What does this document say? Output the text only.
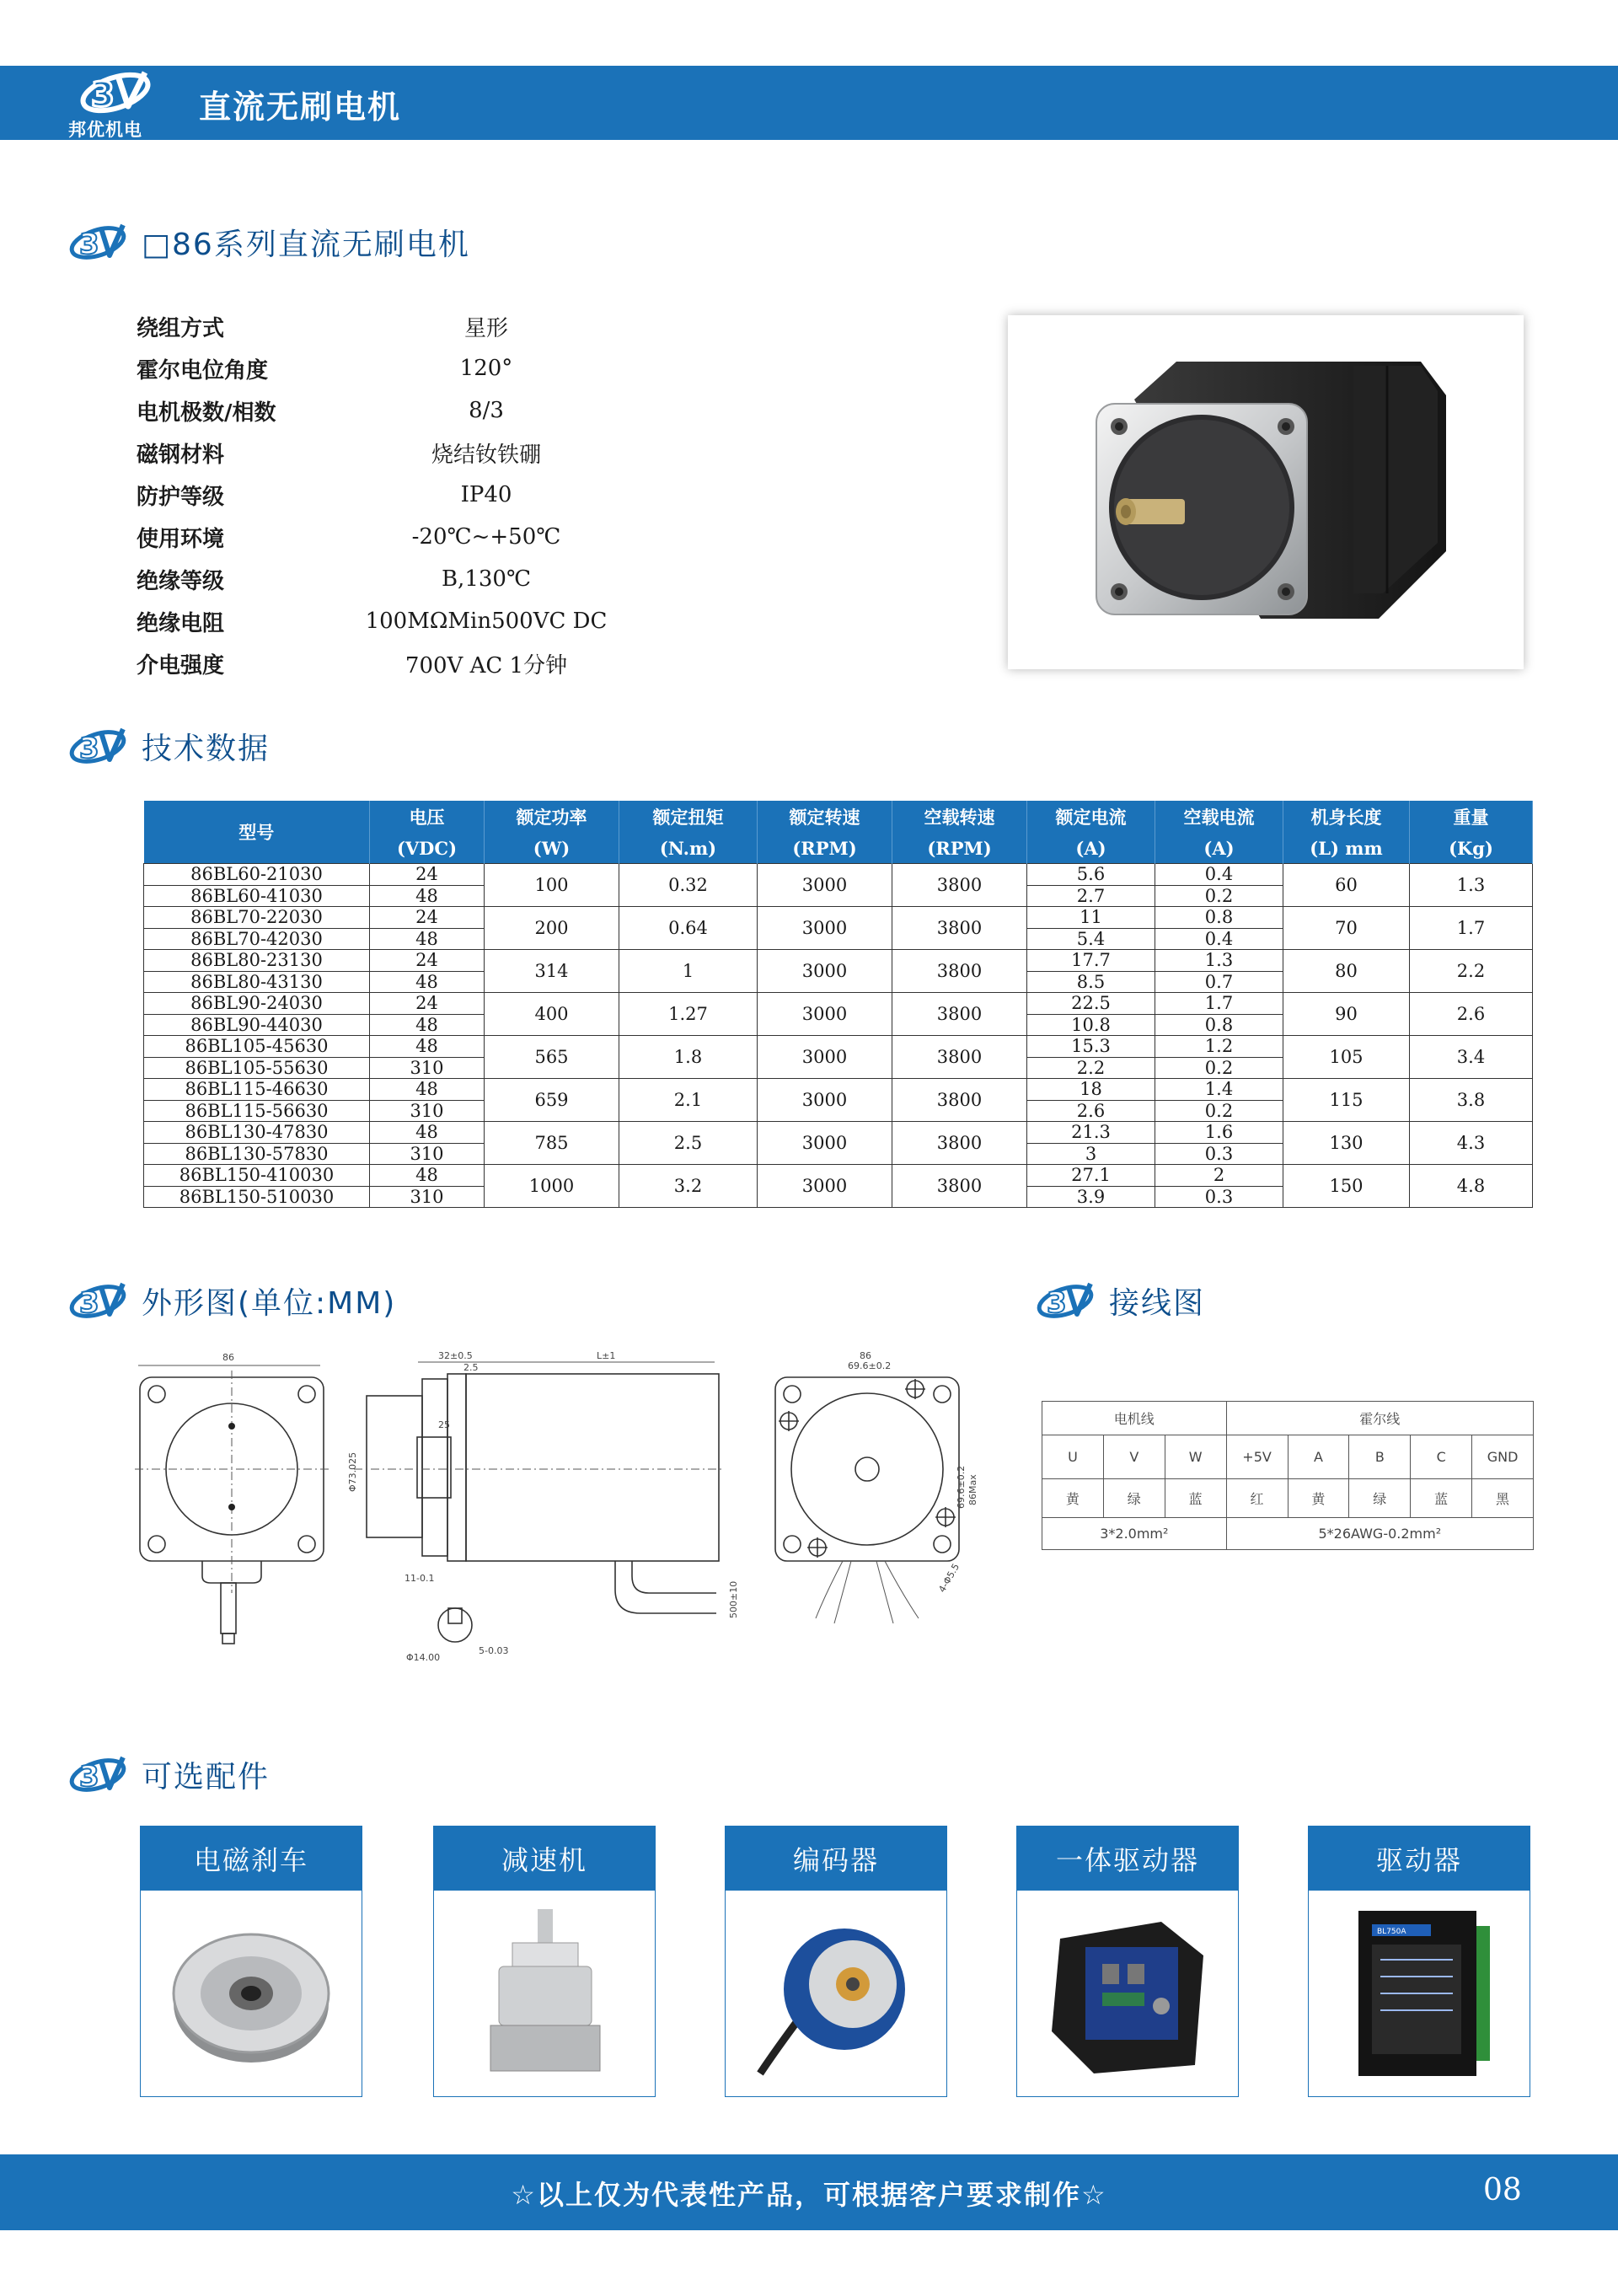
3
邦优机电
直流无刷电机
□86系列直流无刷电机
绕组方式	星形
霍尔电位角度	120°
电机极数/相数	8/3
磁钢材料	烧结钕铁硼
防护等级	IP40
使用环境	-20℃~+50℃
绝缘等级	B,130℃
绝缘电阻	100MΩMin500VC DC
介电强度	700V AC 1分钟
技术数据
型号	电压	额定功率	额定扭矩	额定转速	空载转速	额定电流	空载电流	机身长度	重量
	(VDC)	(W)	(N.m)	(RPM)	(RPM)	(A)	(A)	(L) mm	(Kg)
86BL60-21030	24	100	0.32	3000	3800	5.6	0.4	60	1.3
86BL60-41030	48					2.7	0.2		
86BL70-22030	24	200	0.64	3000	3800	11	0.8	70	1.7
86BL70-42030	48					5.4	0.4		
86BL80-23130	24	314	1	3000	3800	17.7	1.3	80	2.2
86BL80-43130	48					8.5	0.7		
86BL90-24030	24	400	1.27	3000	3800	22.5	1.7	90	2.6
86BL90-44030	48					10.8	0.8		
86BL105-45630	48	565	1.8	3000	3800	15.3	1.2	105	3.4
86BL105-55630	310					2.2	0.2		
86BL115-46630	48	659	2.1	3000	3800	18	1.4	115	3.8
86BL115-56630	310					2.6	0.2		
86BL130-47830	48	785	2.5	3000	3800	21.3	1.6	130	4.3
86BL130-57830	310					3	0.3		
86BL150-410030	48	1000	3.2	3000	3800	27.1	2	150	4.8
86BL150-510030	310					3.9	0.3		
外形图(单位:MM)	接线图
86	32±0.5
2.5
L±1
25
Φ73.025
500±10
11-0.1
Φ14.00
5-0.03
86
69.6±0.2
69.6±0.2 86Max
4-Φ5.5
电机线			霍尔线				
U	V	W	+5V	A	B	C	GND
黄	绿	蓝	红	黄	绿	蓝	黑
3*2.0mm²			5*26AWG-0.2mm²				
可选配件
电磁刹车	减速机	编码器	一体驱动器	驱动器
BL750A
☆以上仅为代表性产品，可根据客户要求制作☆	08
